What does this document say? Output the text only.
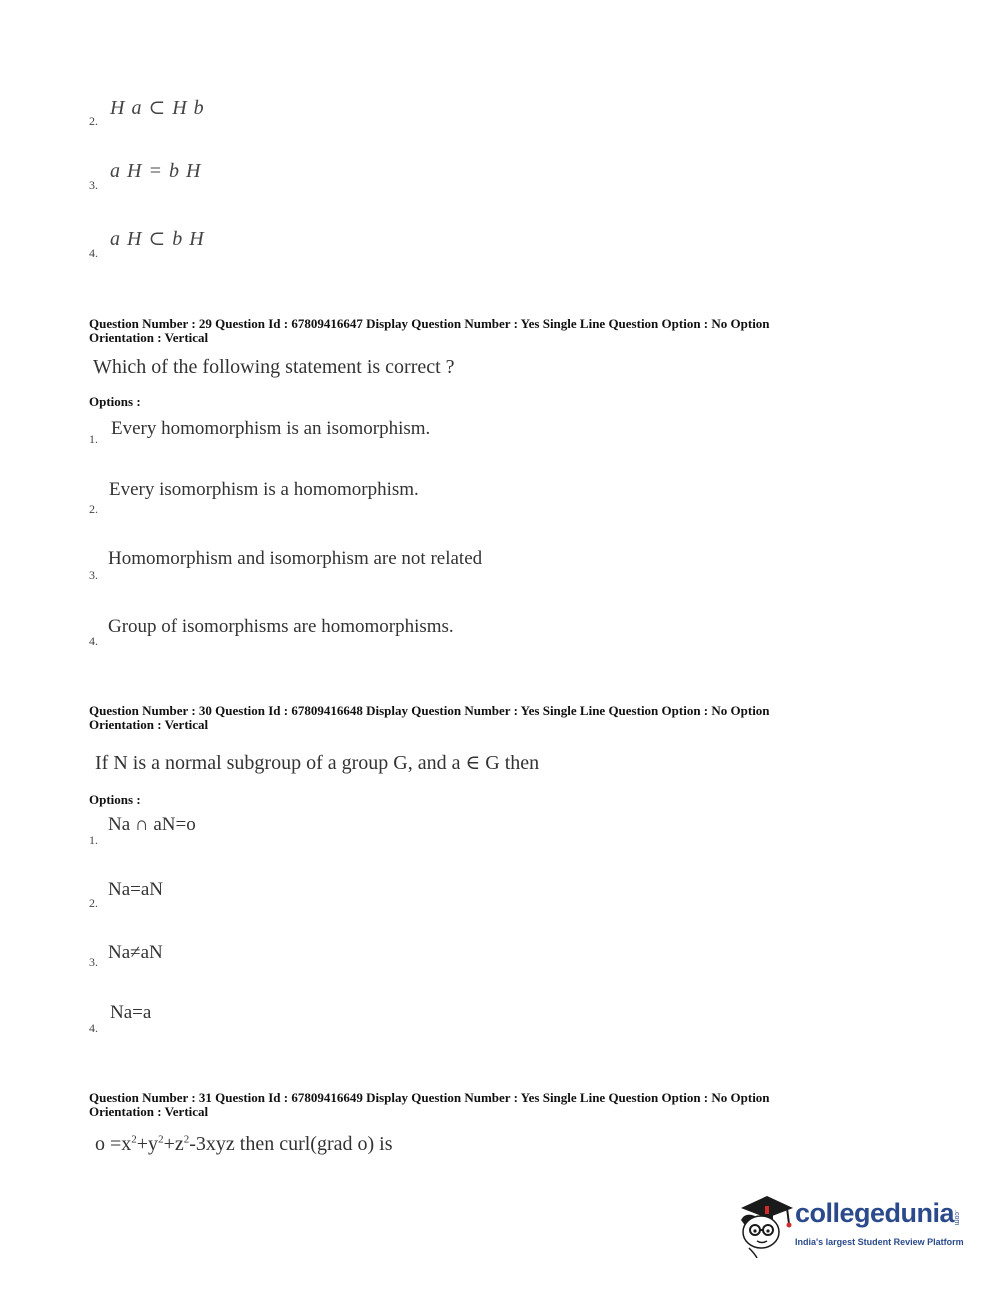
2.
H a ⊂ H b
3.
a H = b H
4.
a H ⊂ b H
Question Number : 29 Question Id : 67809416647 Display Question Number : Yes Single Line Question Option : No Option
Orientation : Vertical
Which of the following statement is correct ?
Options :
1. Every homomorphism is an isomorphism.
2.
Every isomorphism is a homomorphism.
3.
Homomorphism and isomorphism are not related
4.
Group of isomorphisms are homomorphisms.
Question Number : 30 Question Id : 67809416648 Display Question Number : Yes Single Line Question Option : No Option
Orientation : Vertical
If N is a normal subgroup of a group G, and a ∈ G then
Options :
1.
Na ∩ aN=o
2.
Na=aN
3. Na≠aN
4.
Na=a
Question Number : 31 Question Id : 67809416649 Display Question Number : Yes Single Line Question Option : No Option
Orientation : Vertical
$o =x^2+y^2+z^2-3xyz$ then curl(grad o) is
collegedunia
.com
India's largest Student Review Platform
